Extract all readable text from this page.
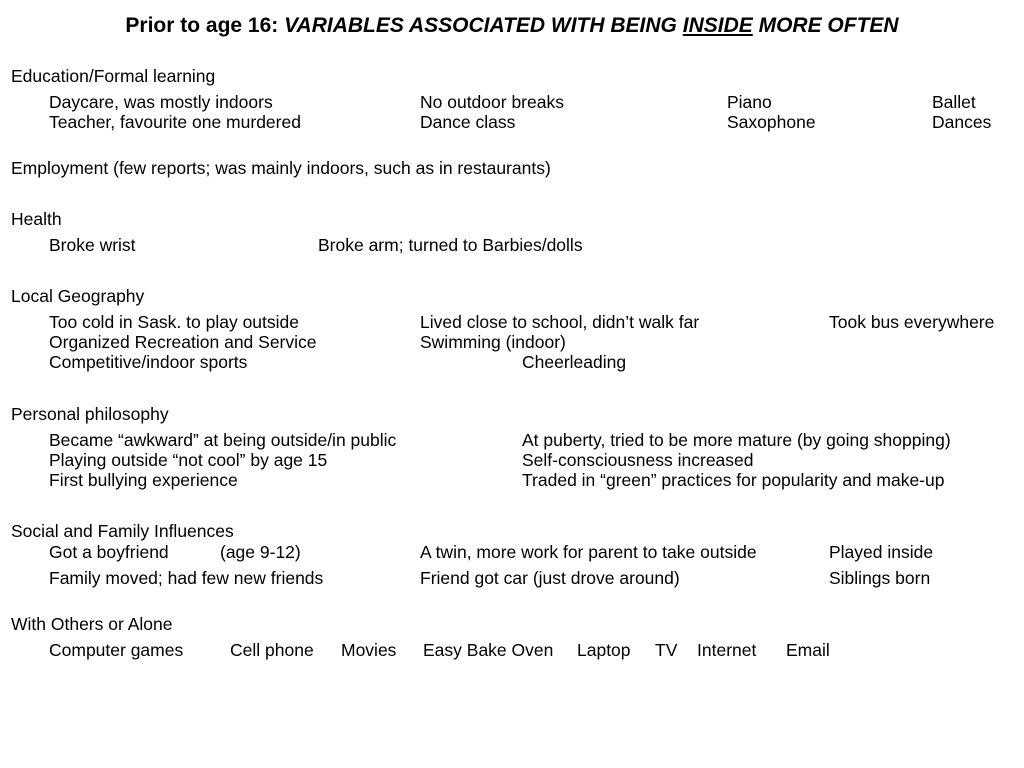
Prior to age 16: VARIABLES ASSOCIATED WITH BEING INSIDE MORE OFTEN
Education/Formal learning
Daycare, was mostly indoors	No outdoor breaks	Piano	Ballet
Teacher, favourite one murdered	Dance class	Saxophone	Dances
Employment (few reports; was mainly indoors, such as in restaurants)
Health
Broke wrist	Broke arm; turned to Barbies/dolls
Local Geography
Too cold in Sask. to play outside	Lived close to school, didn’t walk far	Took bus everywhere
Organized Recreation and Service	Swimming (indoor)
Competitive/indoor sports	Cheerleading
Personal philosophy
Became “awkward” at being outside/in public	At puberty, tried to be more mature (by going shopping)
Playing outside “not cool” by age 15	Self-consciousness increased
First bullying experience	Traded in “green” practices for popularity and make-up
Social and Family Influences
Got a boyfriend	(age 9-12)	A twin, more work for parent to take outside	Played inside
Family moved; had few new friends	Friend got car (just drove around)	Siblings born
With Others or Alone
Computer games	Cell phone Movies Easy Bake Oven Laptop TV Internet Email
